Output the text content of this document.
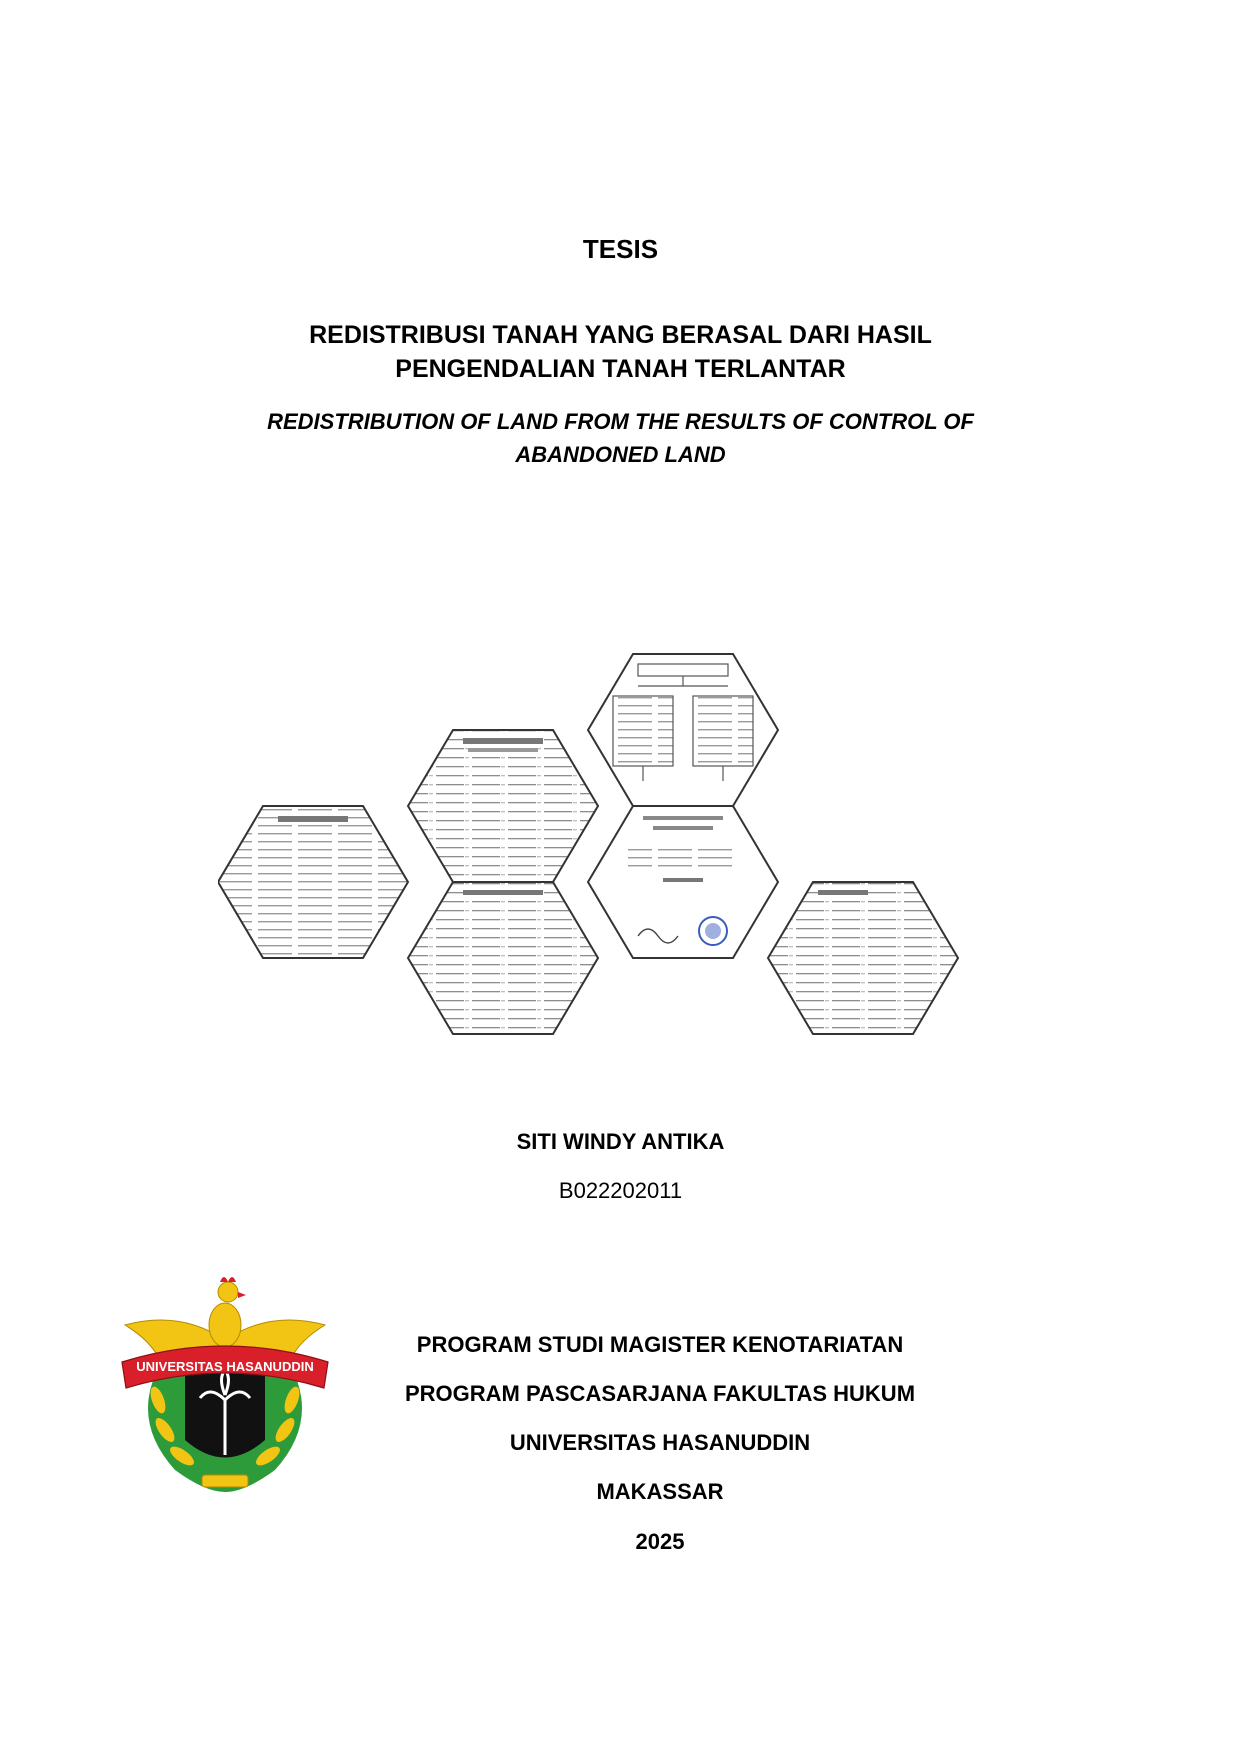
TESIS
REDISTRIBUSI TANAH YANG BERASAL DARI HASIL
PENGENDALIAN TANAH TERLANTAR
REDISTRIBUTION OF LAND FROM THE RESULTS OF CONTROL OF
ABANDONED LAND
SITI WINDY ANTIKA
B022202011
UNIVERSITAS HASANUDDIN
PROGRAM STUDI MAGISTER KENOTARIATAN
PROGRAM PASCASARJANA FAKULTAS HUKUM
UNIVERSITAS HASANUDDIN
MAKASSAR
2025
